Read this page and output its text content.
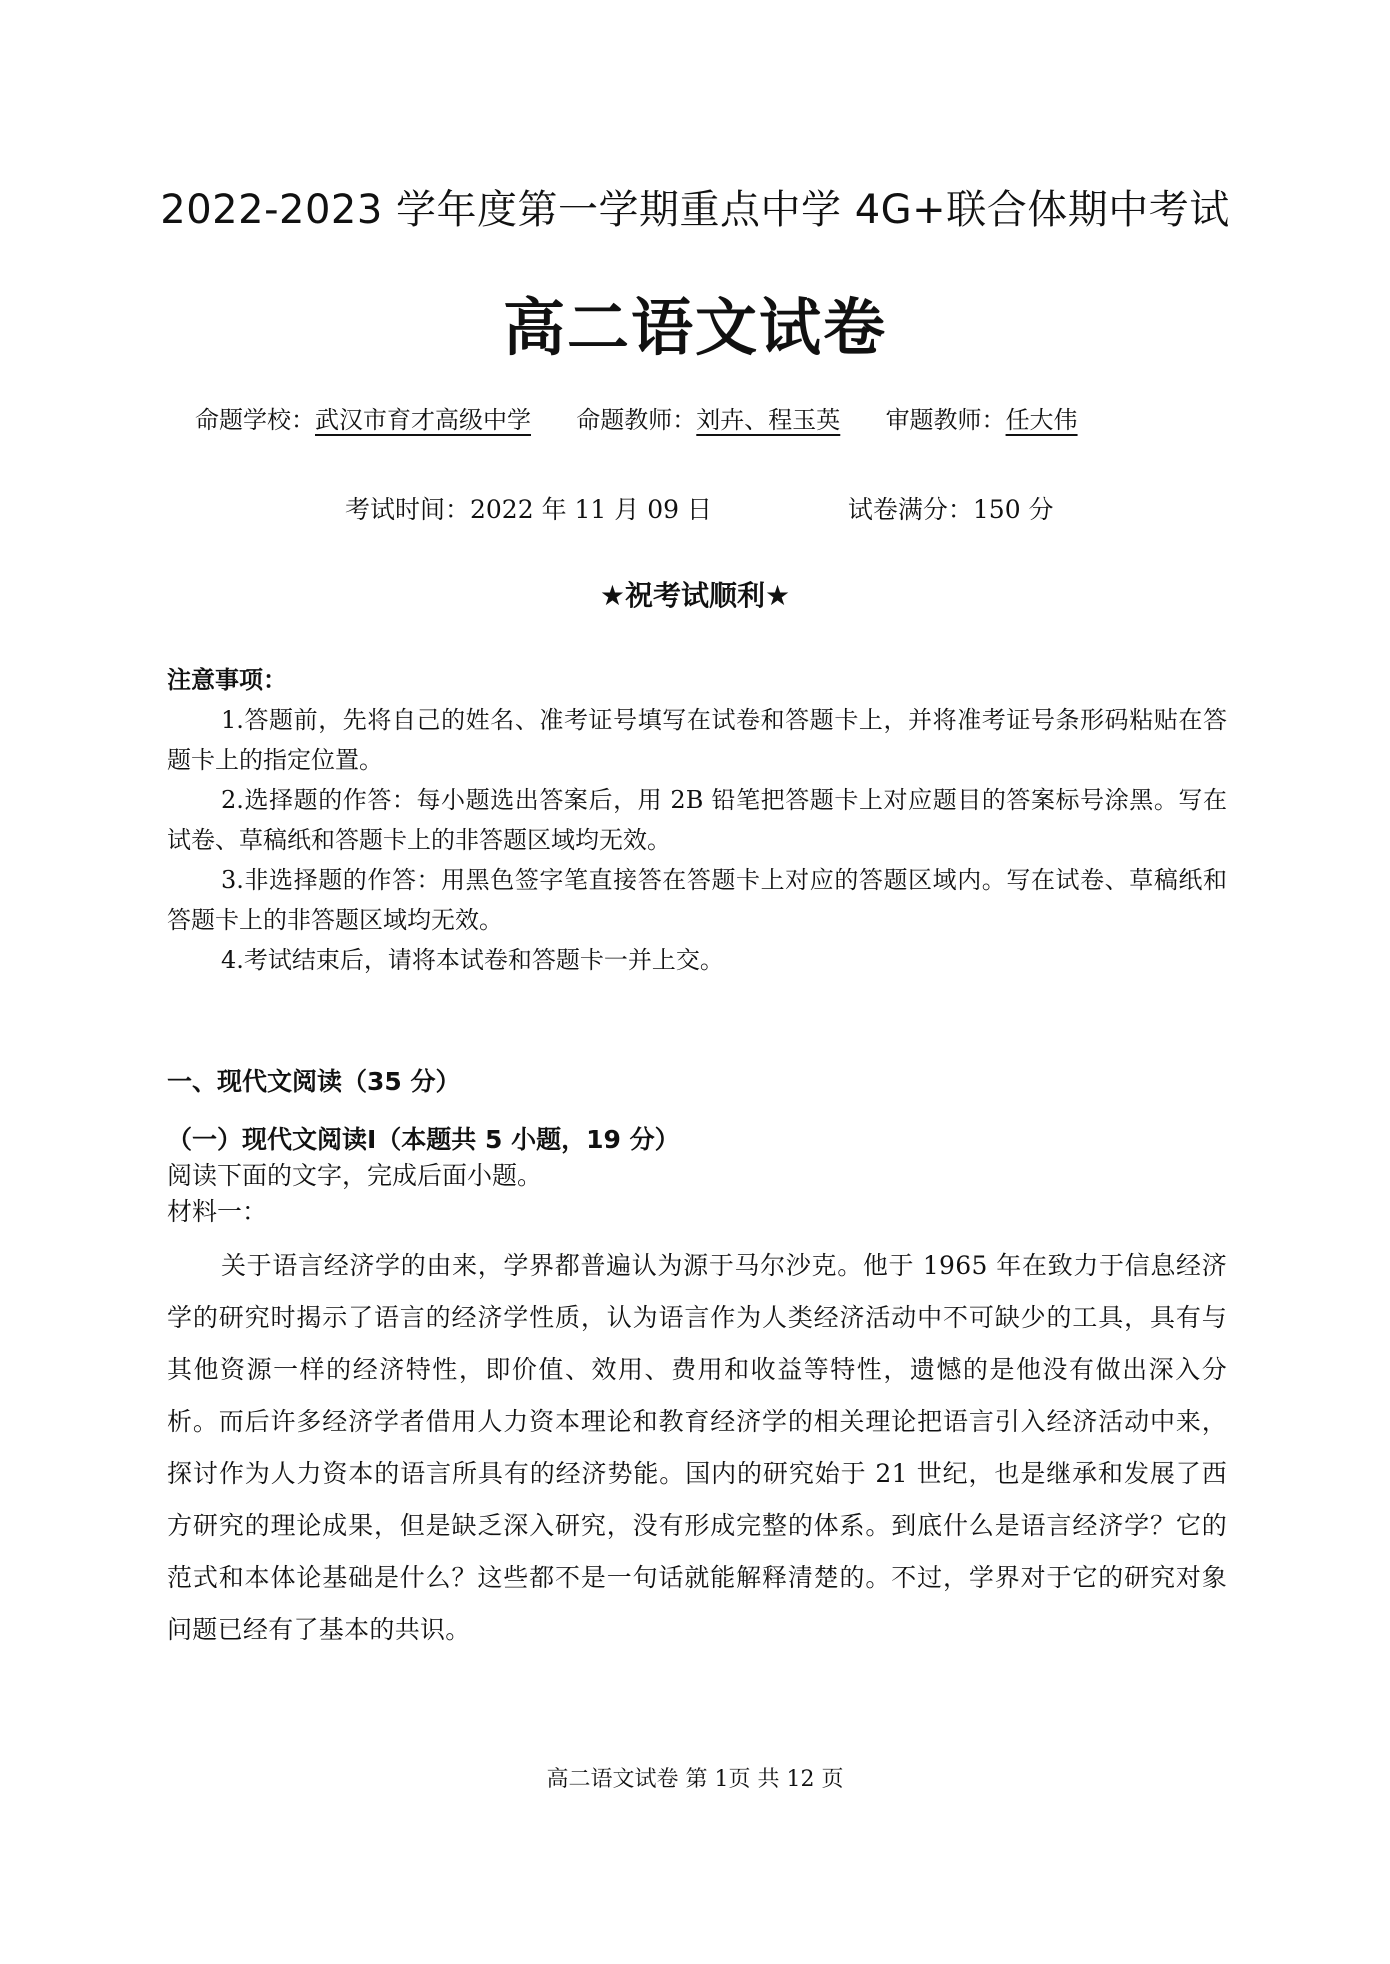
2022-2023 学年度第一学期重点中学 4G+联合体期中考试
高二语文试卷
命题学校：武汉市育才高级中学 命题教师：刘卉、程玉英 审题教师：任大伟
考试时间：2022 年 11 月 09 日	试卷满分：150 分
★祝考试顺利★
注意事项：
1.答题前，先将自己的姓名、准考证号填写在试卷和答题卡上，并将准考证号条形码粘贴在答题卡上的指定位置。
2.选择题的作答：每小题选出答案后，用 2B 铅笔把答题卡上对应题目的答案标号涂黑。写在试卷、草稿纸和答题卡上的非答题区域均无效。
3.非选择题的作答：用黑色签字笔直接答在答题卡上对应的答题区域内。写在试卷、草稿纸和答题卡上的非答题区域均无效。
4.考试结束后，请将本试卷和答题卡一并上交。
一、现代文阅读（35 分）
（一）现代文阅读Ⅰ（本题共 5 小题，19 分）
阅读下面的文字，完成后面小题。
材料一：
关于语言经济学的由来，学界都普遍认为源于马尔沙克。他于 1965 年在致力于信息经济学的研究时揭示了语言的经济学性质，认为语言作为人类经济活动中不可缺少的工具，具有与其他资源一样的经济特性，即价值、效用、费用和收益等特性，遗憾的是他没有做出深入分析。而后许多经济学者借用人力资本理论和教育经济学的相关理论把语言引入经济活动中来，探讨作为人力资本的语言所具有的经济势能。国内的研究始于 21 世纪，也是继承和发展了西方研究的理论成果，但是缺乏深入研究，没有形成完整的体系。到底什么是语言经济学？它的范式和本体论基础是什么？这些都不是一句话就能解释清楚的。不过，学界对于它的研究对象问题已经有了基本的共识。
高二语文试卷 第 1页 共 12 页
